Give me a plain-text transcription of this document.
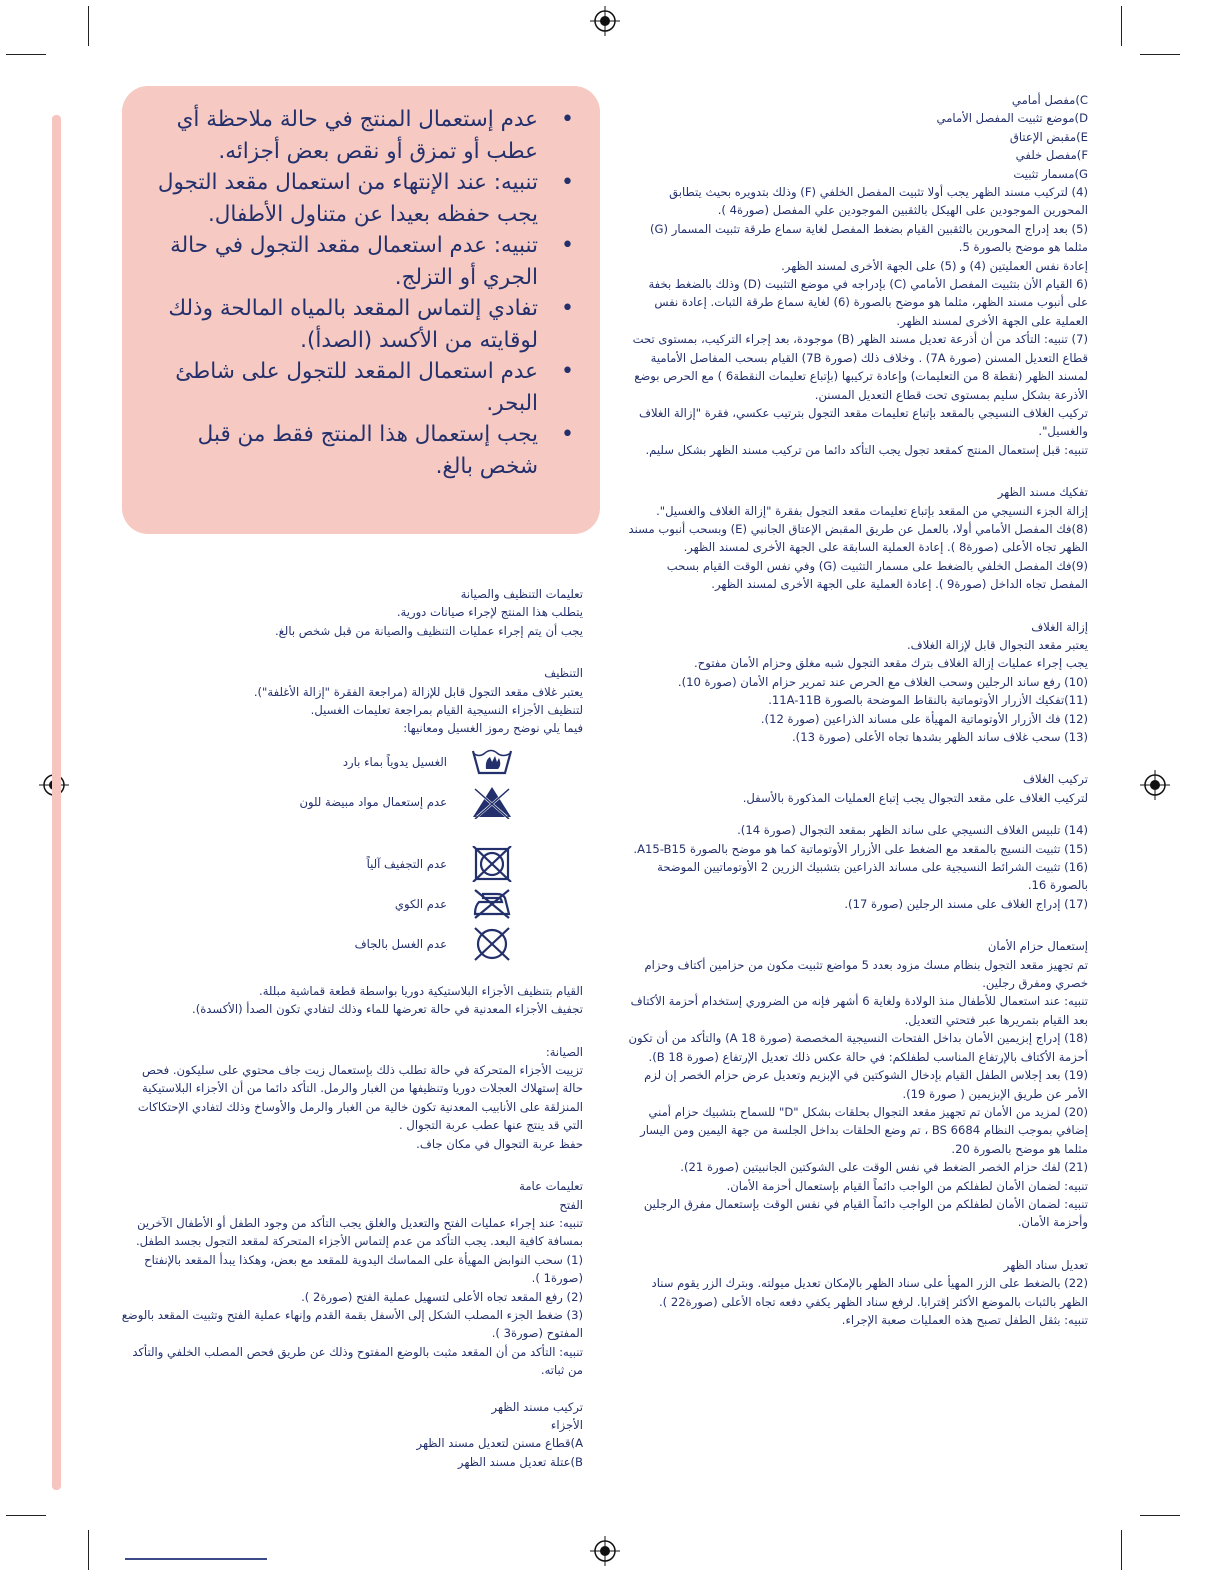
•
عدم إستعمال المنتج في حالة ملاحظة أي عطب أو تمزق أو نقص بعض أجزائه.
•
تنبيه: عند الإنتهاء من استعمال مقعد التجول يجب حفظه بعيدا عن متناول الأطفال.
•
تنبيه: عدم استعمال مقعد التجول في حالة الجري أو التزلج.
•
تفادي إلتماس المقعد بالمياه المالحة وذلك لوقايته من الأكسد (الصدأ).
•
عدم استعمال المقعد للتجول على شاطئ البحر.
•
يجب إستعمال هذا المنتج فقط من قبل شخص بالغ.

C)مفصل أمامي

D)موضع تثبيت المفصل الأمامي

E)مقبض الإعتاق

F)مفصل خلفي

G)مسمار تثبيت

(4) لتركيب مسند الظهر يجب أولا تثبيت المفصل الخلفي (F) وذلك بتدويره بحيث يتطابق المحورين الموجودين على الهيكل بالثقبين الموجودين علي المفصل (صورة4 ).

(5) بعد إدراج المحورين بالثقبين القيام بضغط المفصل لغاية سماع طرقة تثبيت المسمار (G) مثلما هو موضح بالصورة 5.

إعادة نفس العمليتين (4) و (5) على الجهة الأخرى لمسند الظهر.

(6 القيام الأن بتثبيت المفصل الأمامي (C) بإدراجه في موضع التثبيت (D) وذلك بالضغط بخفة على أنبوب مسند الظهر، مثلما هو موضح بالصورة (6) لغاية سماع طرقة الثبات. إعادة نفس العملية على الجهة الأخرى لمسند الظهر.

(7) تنبيه: التأكد من أن أذرعة تعديل مسند الظهر (B) موجودة، بعد إجراء التركيب، بمستوى تحت قطاع التعديل المسنن (صورة 7A) . وخلاف ذلك (صورة 7B) القيام بسحب المفاصل الأمامية لمسند الظهر (نقطة 8 من التعليمات) وإعادة تركيبها (بإتباع تعليمات النقطة6 ) مع الحرص بوضع الأذرعة بشكل سليم بمستوى تحت قطاع التعديل المسنن.

تركيب الغلاف النسيجي بالمقعد بإتباع تعليمات مقعد التجول بترتيب عكسي، فقرة "إزالة الغلاف والغسيل".

تنبيه: قبل إستعمال المنتج كمقعد تجول يجب التأكد دائما من تركيب مسند الظهر بشكل سليم.

تفكيك مسند الظهر

إزالة الجزء النسيجي من المقعد بإتباع تعليمات مقعد التجول بفقرة "إزالة الغلاف والغسيل".

(8)فك المفصل الأمامي أولا، بالعمل عن طريق المقبض الإعتاق الجانبي (E) وبسحب أنبوب مسند الظهر تجاه الأعلى (صورة8 ). إعادة العملية السابقة على الجهة الأخرى لمسند الظهر.

(9)فك المفصل الخلفي بالضغط على مسمار التثبيت (G) وفي نفس الوقت القيام بسحب المفصل تجاه الداخل (صورة9 ). إعادة العملية على الجهة الأخرى لمسند الظهر.

إزالة الغلاف

يعتبر مقعد التجوال قابل لإزالة الغلاف.

يجب إجراء عمليات إزالة الغلاف بترك مقعد التجول شبه مغلق وحزام الأمان مفتوح.

(10) رفع ساند الرجلين وسحب الغلاف مع الحرص عند تمرير حزام الأمان (صورة 10).

(11)تفكيك الأزرار الأوتوماتية بالنقاط الموضحة بالصورة 11A-11B.

(12) فك الأزرار الأوتوماتية المهيأة على مساند الذراعين (صورة 12).

(13) سحب غلاف ساند الظهر بشدها تجاه الأعلى (صورة 13).

تركيب الغلاف

لتركيب الغلاف على مقعد التجوال يجب إتباع العمليات المذكورة بالأسفل.

(14) تلبيس الغلاف النسيجي على ساند الظهر بمقعد التجوال (صورة 14).

(15) تثبيت النسيج بالمقعد مع الضغط على الأزرار الأوتوماتية كما هو موضح بالصورة A15-B15.

(16) تثبيت الشرائط النسيجية على مساند الذراعين بتشبيك الزرين 2 الأوتوماتيين الموضحة بالصورة 16.

(17) إدراج الغلاف على مسند الرجلين (صورة 17).

إستعمال حزام الأمان

تم تجهيز مقعد التجول بنظام مسك مزود بعدد 5 مواضع تثبيت مكون من حزامين أكتاف وحزام خصري ومفرق رجلين.

تنبيه: عند استعمال للأطفال منذ الولادة ولغاية 6 أشهر فإنه من الضروري إستخدام أحزمة الأكتاف بعد القيام بتمريرها عبر فتحتي التعديل.

(18) إدراج إبزيمين الأمان بداخل الفتحات النسيجية المخصصة (صورة 18 A) والتأكد من أن تكون أحزمة الأكتاف بالإرتفاع المناسب لطفلكم: في حالة عكس ذلك تعديل الإرتفاع (صورة 18 B).

(19) بعد إجلاس الطفل القيام بإدخال الشوكتين في الإبزيم وتعديل عرض حزام الخصر إن لزم الأمر عن طريق الإبزيمين ( صورة 19).

(20) لمزيد من الأمان تم تجهيز مقعد التجوال بحلقات بشكل "D" للسماح بتشبيك حزام أمني إضافي بموجب النظام BS 6684 ، تم وضع الحلقات بداخل الجلسة من جهة اليمين ومن اليسار مثلما هو موضح بالصورة 20.

(21) لفك حزام الخصر الضغط في نفس الوقت على الشوكتين الجانبيتين (صورة 21).

تنبيه: لضمان الأمان لطفلكم من الواجب دائماً القيام بإستعمال أحزمة الأمان.

تنبيه: لضمان الأمان لطفلكم من الواجب دائماً القيام في نفس الوقت بإستعمال مفرق الرجلين وأحزمة الأمان.

تعديل سناد الظهر

(22) بالضغط على الزر المهيأ على سناد الظهر بالإمكان تعديل ميولته. وبترك الزر يقوم سناد الظهر بالثبات بالموضع الأكثر إقترابا. لرفع سناد الظهر يكفي دفعه تجاه الأعلى (صورة22 ).

تنبيه: بثقل الطفل تصبح هذه العمليات صعبة الإجراء.

تعليمات التنظيف والصيانة

يتطلب هذا المنتج لإجراء صيانات دورية.

يجب أن يتم إجراء عمليات التنظيف والصيانة من قبل شخص بالغ.

التنظيف

يعتبر غلاف مقعد التجول قابل للإزالة (مراجعة الفقرة "إزالة الأغلفة").

لتنظيف الأجزاء النسيجية القيام بمراجعة تعليمات الغسيل.

فيما يلي نوضح رموز الغسيل ومعانيها:

الغسيل يدوياً بماء بارد
عدم إستعمال مواد مبيضة للون
عدم التجفيف آلياً
عدم الكوي
عدم الغسل بالجاف

القيام بتنظيف الأجزاء البلاستيكية دوريا بواسطة قطعة قماشية مبللة.

تجفيف الأجزاء المعدنية في حالة تعرضها للماء وذلك لتفادي تكون الصدأ (الأكسدة).

الصيانة:

تزييت الأجزاء المتحركة في حالة تطلب ذلك بإستعمال زيت جاف محتوي على سليكون. فحص حالة إستهلاك العجلات دوريا وتنظيفها من الغبار والرمل. التأكد دائما من أن الأجزاء البلاستيكية المنزلقة على الأنابيب المعدنية تكون خالية من الغبار والرمل والأوساخ وذلك لتفادي الإحتكاكات التي قد ينتج عنها عطب عربة التجوال .

حفظ عربة التجوال في مكان جاف.

تعليمات عامة

الفتح

تنبيه: عند إجراء عمليات الفتح والتعديل والغلق يجب التأكد من وجود الطفل أو الأطفال الآخرين بمسافة كافية البعد. يجب التأكد من عدم إلتماس الأجزاء المتحركة لمقعد التجول بجسد الطفل.

(1) سحب النوابض المهيأة على المماسك اليدوية للمقعد مع بعض، وهكذا يبدأ المقعد بالإنفتاح (صورة1 ).

(2) رفع المقعد تجاه الأعلى لتسهيل عملية الفتح (صورة2 ).

(3) ضغط الجزء المصلب الشكل إلى الأسفل بقمة القدم وإنهاء عملية الفتح وتثبيت المقعد بالوضع المفتوح (صورة3 ).

تنبيه: التأكد من أن المقعد مثبت بالوضع المفتوح وذلك عن طريق فحص المصلب الخلفي والتأكد من ثباته.

تركيب مسند الظهر

الأجزاء

A)قطاع مسنن لتعديل مسند الظهر

B)عتلة تعديل مسند الظهر
